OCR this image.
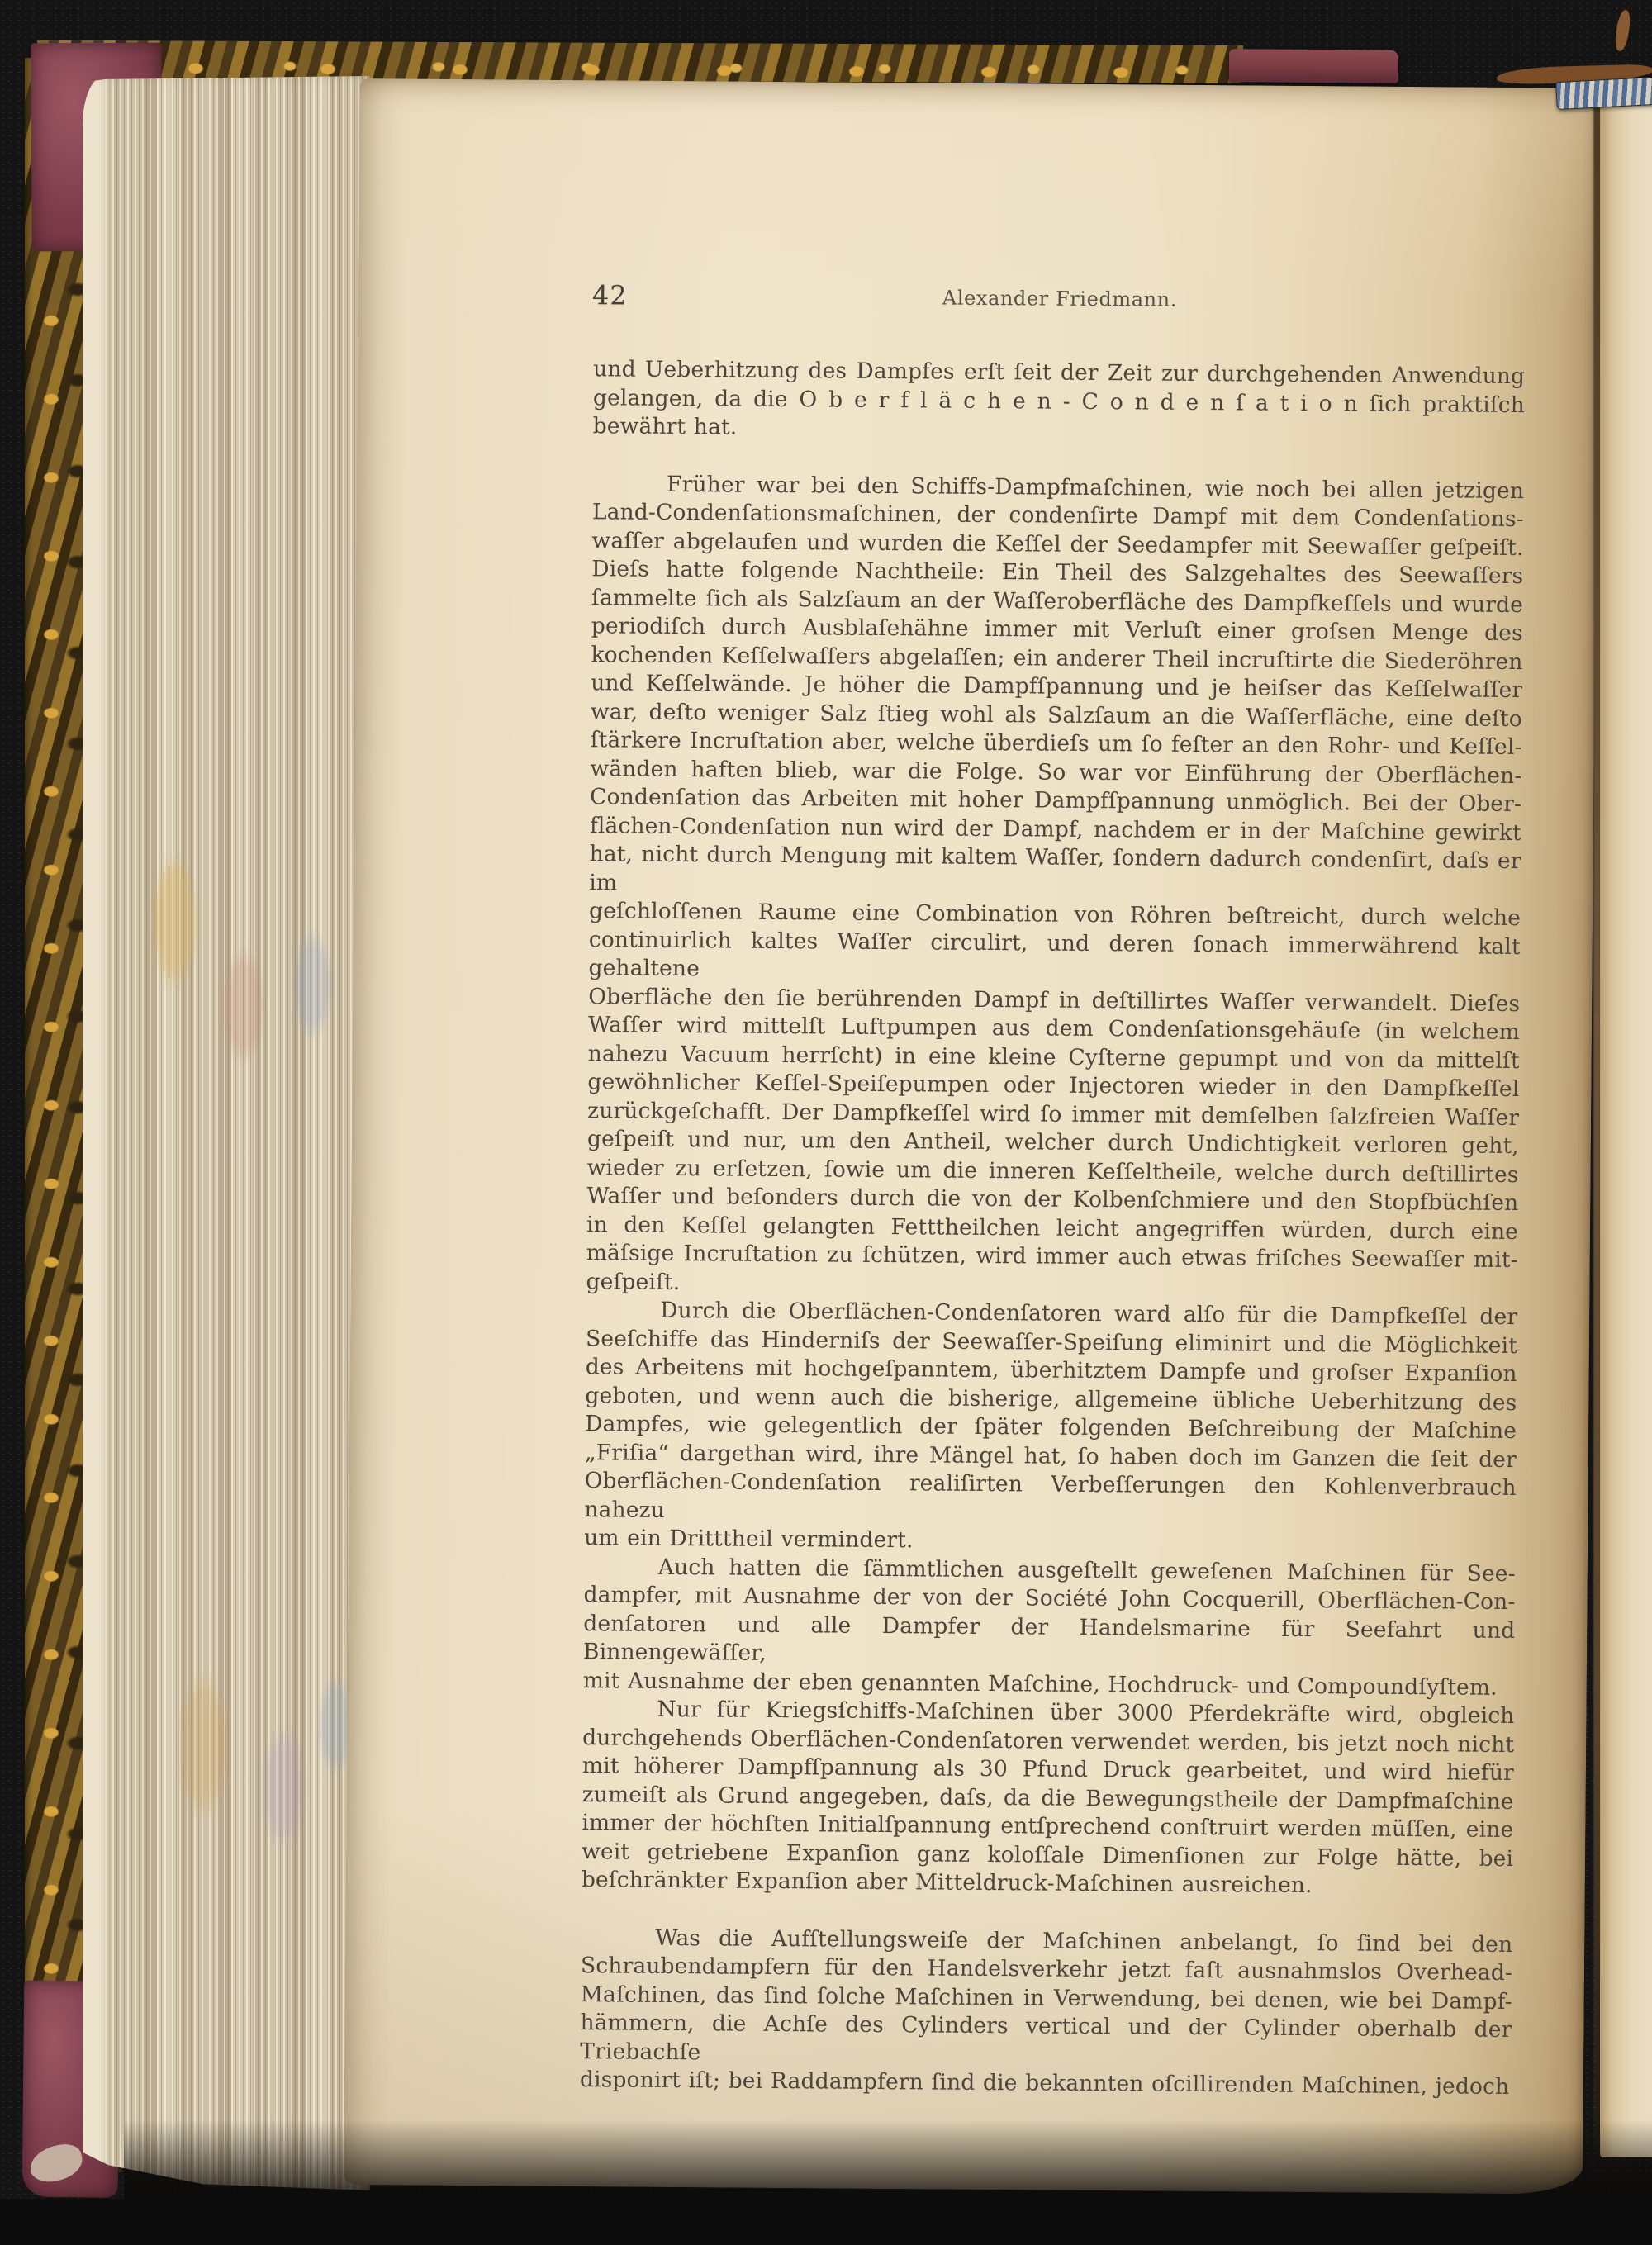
42	Alexander Friedmann.
und Ueberhitzung des Dampfes erſt ſeit der Zeit zur durchgehenden Anwendung
gelangen, da die O b e r f l ä c h e n - C o n d e n ſ a t i o n ſich praktiſch bewährt hat.
Früher war bei den Schiffs-Dampfmaſchinen, wie noch bei allen jetzigen
Land-Condenſationsmaſchinen, der condenſirte Dampf mit dem Condenſations-
waſſer abgelaufen und wurden die Keſſel der Seedampfer mit Seewaſſer geſpeiſt.
Dieſs hatte folgende Nachtheile: Ein Theil des Salzgehaltes des Seewaſſers
ſammelte ſich als Salzſaum an der Waſſeroberfläche des Dampfkeſſels und wurde
periodiſch durch Ausblaſehähne immer mit Verluſt einer groſsen Menge des
kochenden Keſſelwaſſers abgelaſſen; ein anderer Theil incruſtirte die Siederöhren
und Keſſelwände. Je höher die Dampfſpannung und je heiſser das Keſſelwaſſer
war, deſto weniger Salz ſtieg wohl als Salzſaum an die Waſſerfläche, eine deſto
ſtärkere Incruſtation aber, welche überdieſs um ſo feſter an den Rohr- und Keſſel-
wänden haften blieb, war die Folge. So war vor Einführung der Oberflächen-
Condenſation das Arbeiten mit hoher Dampfſpannung unmöglich. Bei der Ober-
flächen-Condenſation nun wird der Dampf, nachdem er in der Maſchine gewirkt
hat, nicht durch Mengung mit kaltem Waſſer, ſondern dadurch condenſirt, daſs er im
geſchloſſenen Raume eine Combination von Röhren beſtreicht, durch welche
continuirlich kaltes Waſſer circulirt, und deren ſonach immerwährend kalt gehaltene
Oberfläche den ſie berührenden Dampf in deſtillirtes Waſſer verwandelt. Dieſes
Waſſer wird mittelſt Luftpumpen aus dem Condenſationsgehäuſe (in welchem
nahezu Vacuum herrſcht) in eine kleine Cyſterne gepumpt und von da mittelſt
gewöhnlicher Keſſel-Speiſepumpen oder Injectoren wieder in den Dampfkeſſel
zurückgeſchafft. Der Dampfkeſſel wird ſo immer mit demſelben ſalzfreien Waſſer
geſpeiſt und nur, um den Antheil, welcher durch Undichtigkeit verloren geht,
wieder zu erſetzen, ſowie um die inneren Keſſeltheile, welche durch deſtillirtes
Waſſer und beſonders durch die von der Kolbenſchmiere und den Stopfbüchſen
in den Keſſel gelangten Fetttheilchen leicht angegriffen würden, durch eine
mäſsige Incruſtation zu ſchützen, wird immer auch etwas friſches Seewaſſer mit-
geſpeiſt.
Durch die Oberflächen-Condenſatoren ward alſo für die Dampfkeſſel der
Seeſchiffe das Hinderniſs der Seewaſſer-Speiſung eliminirt und die Möglichkeit
des Arbeitens mit hochgeſpanntem, überhitztem Dampfe und groſser Expanſion
geboten, und wenn auch die bisherige, allgemeine übliche Ueberhitzung des
Dampfes, wie gelegentlich der ſpäter folgenden Beſchreibung der Maſchine
„Friſia“ dargethan wird, ihre Mängel hat, ſo haben doch im Ganzen die ſeit der
Oberflächen-Condenſation realiſirten Verbeſſerungen den Kohlenverbrauch nahezu
um ein Dritttheil vermindert.
Auch hatten die ſämmtlichen ausgeſtellt geweſenen Maſchinen für See-
dampfer, mit Ausnahme der von der Société John Cocquerill, Oberflächen-Con-
denſatoren und alle Dampfer der Handelsmarine für Seefahrt und Binnengewäſſer,
mit Ausnahme der eben genannten Maſchine, Hochdruck- und Compoundſyſtem.
Nur für Kriegsſchiffs-Maſchinen über 3000 Pferdekräfte wird, obgleich
durchgehends Oberflächen-Condenſatoren verwendet werden, bis jetzt noch nicht
mit höherer Dampfſpannung als 30 Pfund Druck gearbeitet, und wird hiefür
zumeiſt als Grund angegeben, daſs, da die Bewegungstheile der Dampfmaſchine
immer der höchſten Initialſpannung entſprechend conſtruirt werden müſſen, eine
weit getriebene Expanſion ganz koloſſale Dimenſionen zur Folge hätte, bei
beſchränkter Expanſion aber Mitteldruck-Maſchinen ausreichen.
Was die Aufſtellungsweiſe der Maſchinen anbelangt, ſo ſind bei den
Schraubendampfern für den Handelsverkehr jetzt faſt ausnahmslos Overhead-
Maſchinen, das ſind ſolche Maſchinen in Verwendung, bei denen, wie bei Dampf-
hämmern, die Achſe des Cylinders vertical und der Cylinder oberhalb der Triebachſe
disponirt iſt; bei Raddampfern ſind die bekannten oſcillirenden Maſchinen, jedoch
